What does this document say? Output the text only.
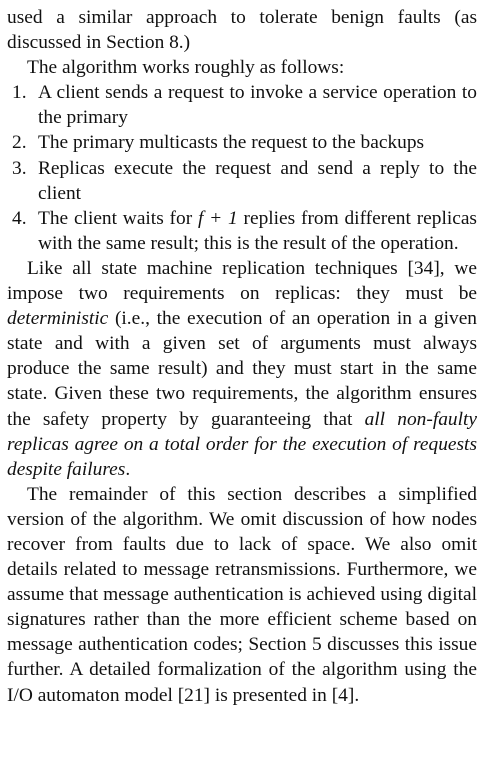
used a similar approach to tolerate benign faults (as discussed in Section 8.)

The algorithm works roughly as follows:

1. A client sends a request to invoke a service operation to the primary
2. The primary multicasts the request to the backups
3. Replicas execute the request and send a reply to the client
4. The client waits for f + 1 replies from different replicas with the same result; this is the result of the operation.

Like all state machine replication techniques [34], we impose two requirements on replicas: they must be deterministic (i.e., the execution of an operation in a given state and with a given set of arguments must always produce the same result) and they must start in the same state. Given these two requirements, the algorithm ensures the safety property by guaranteeing that all non-faulty replicas agree on a total order for the execution of requests despite failures.

The remainder of this section describes a simplified version of the algorithm. We omit discussion of how nodes recover from faults due to lack of space. We also omit details related to message retransmissions. Furthermore, we assume that message authentication is achieved using digital signatures rather than the more efficient scheme based on message authentication codes; Section 5 discusses this issue further. A detailed formalization of the algorithm using the I/O automaton model [21] is presented in [4].
